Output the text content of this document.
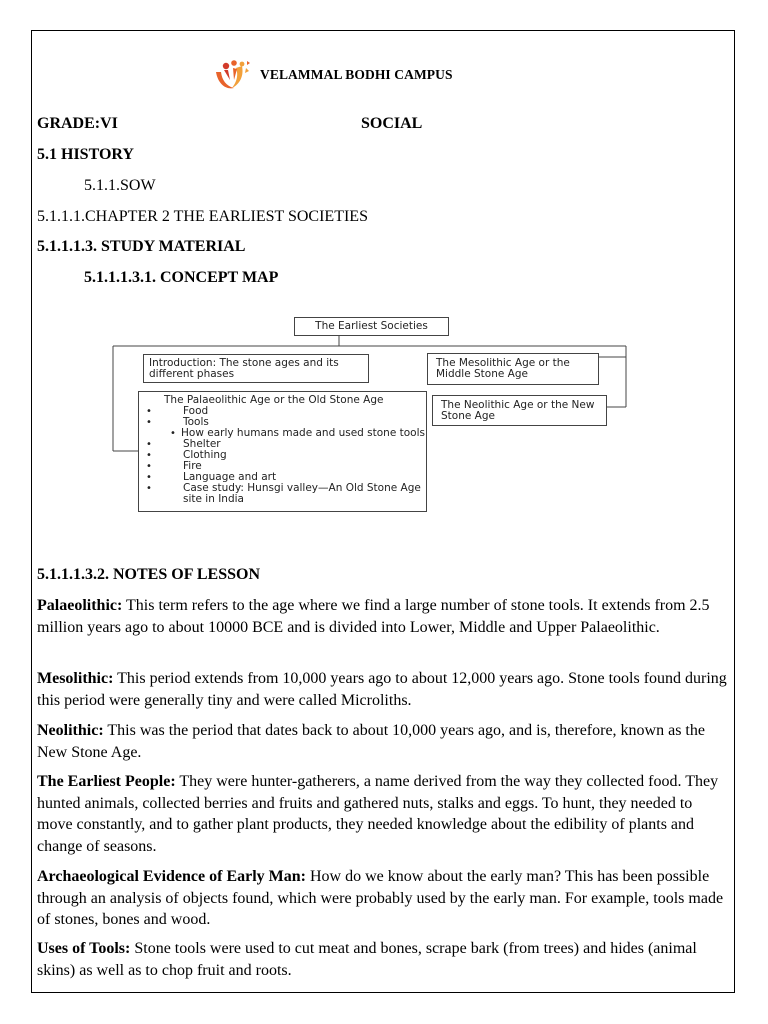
VELAMMAL BODHI CAMPUS
GRADE:VI	SOCIAL
5.1 HISTORY
5.1.1.SOW
5.1.1.1.CHAPTER 2 THE EARLIEST SOCIETIES
5.1.1.1.3. STUDY MATERIAL
5.1.1.1.3.1. CONCEPT MAP
The Earliest Societies
Introduction: The stone ages and its different phases
The Palaeolithic Age or the Old Stone Age
• Food
• Tools
• How early humans made and used stone tools
• Shelter
• Clothing
• Fire
• Language and art
• Case study: Hunsgi valley—An Old Stone Age site in India
The Mesolithic Age or the Middle Stone Age
The Neolithic Age or the New Stone Age
5.1.1.1.3.2. NOTES OF LESSON

Palaeolithic: This term refers to the age where we find a large number of stone tools. It extends from 2.5 million years ago to about 10000 BCE and is divided into Lower, Middle and Upper Palaeolithic.

Mesolithic: This period extends from 10,000 years ago to about 12,000 years ago. Stone tools found during this period were generally tiny and were called Microliths.

Neolithic: This was the period that dates back to about 10,000 years ago, and is, therefore, known as the New Stone Age.

The Earliest People: They were hunter-gatherers, a name derived from the way they collected food. They hunted animals, collected berries and fruits and gathered nuts, stalks and eggs. To hunt, they needed to move constantly, and to gather plant products, they needed knowledge about the edibility of plants and change of seasons.

Archaeological Evidence of Early Man: How do we know about the early man? This has been possible through an analysis of objects found, which were probably used by the early man. For example, tools made of stones, bones and wood.

Uses of Tools: Stone tools were used to cut meat and bones, scrape bark (from trees) and hides (animal skins) as well as to chop fruit and roots.
